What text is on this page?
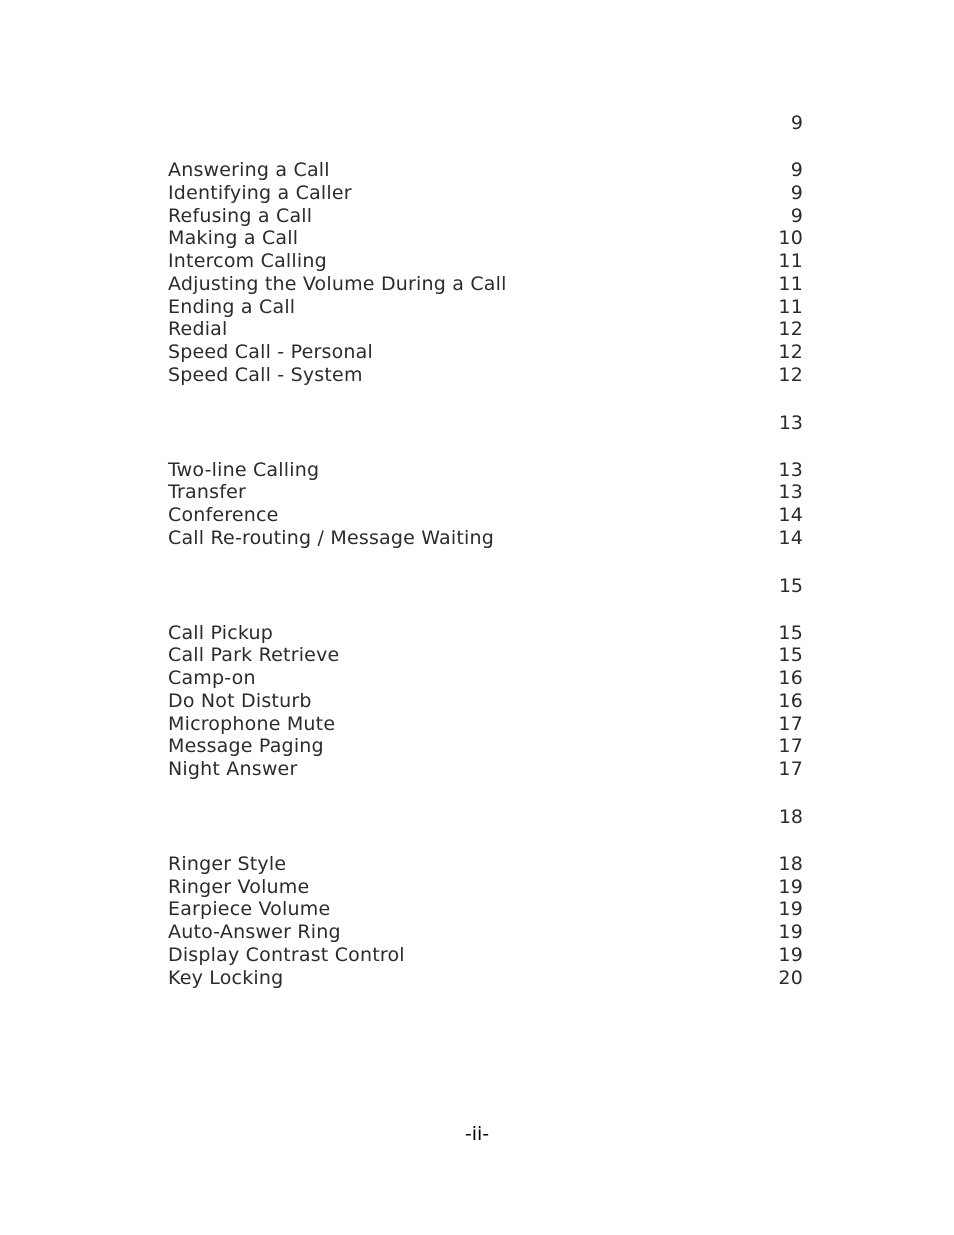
9
Answering a Call	9
Identifying a Caller	9
Refusing a Call	9
Making a Call	10
Intercom Calling	11
Adjusting the Volume During a Call	11
Ending a Call	11
Redial	12
Speed Call - Personal	12
Speed Call - System	12
13
Two-line Calling	13
Transfer	13
Conference	14
Call Re-routing / Message Waiting	14
15
Call Pickup	15
Call Park Retrieve	15
Camp-on	16
Do Not Disturb	16
Microphone Mute	17
Message Paging	17
Night Answer	17
18
Ringer Style	18
Ringer Volume	19
Earpiece Volume	19
Auto-Answer Ring	19
Display Contrast Control	19
Key Locking	20
-ii-
